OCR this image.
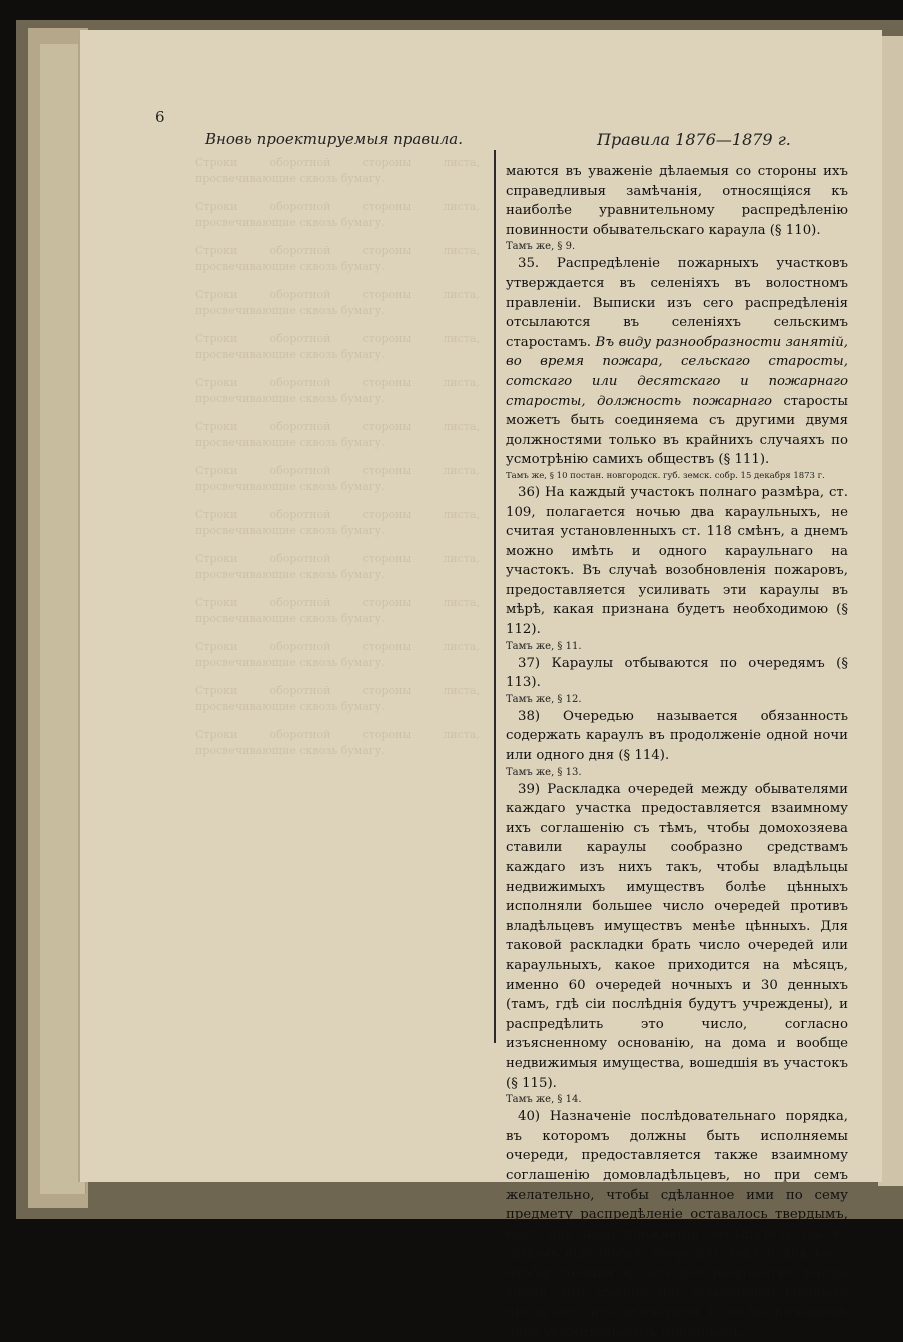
6
Вновь проектируемыя правила.	Правила 1876—1879 г.

Строки оборотной стороны листа, просвечивающие сквозь бумагу.

Строки оборотной стороны листа, просвечивающие сквозь бумагу.

Строки оборотной стороны листа, просвечивающие сквозь бумагу.

Строки оборотной стороны листа, просвечивающие сквозь бумагу.

Строки оборотной стороны листа, просвечивающие сквозь бумагу.

Строки оборотной стороны листа, просвечивающие сквозь бумагу.

Строки оборотной стороны листа, просвечивающие сквозь бумагу.

Строки оборотной стороны листа, просвечивающие сквозь бумагу.

Строки оборотной стороны листа, просвечивающие сквозь бумагу.

Строки оборотной стороны листа, просвечивающие сквозь бумагу.

Строки оборотной стороны листа, просвечивающие сквозь бумагу.

Строки оборотной стороны листа, просвечивающие сквозь бумагу.

Строки оборотной стороны листа, просвечивающие сквозь бумагу.

Строки оборотной стороны листа, просвечивающие сквозь бумагу.

маются въ уваженіе дѣлаемыя со стороны ихъ справедливыя замѣчанія, относящіяся къ наиболѣе уравнительному распредѣленію повинности обывательскаго караула (§ 110).

Тамъ же, § 9.

35. Распредѣленіе пожарныхъ участковъ утверждается въ селеніяхъ въ волостномъ правленіи. Выписки изъ сего распредѣленія отсылаются въ селеніяхъ сельскимъ старостамъ. Въ виду разнообразности занятій, во время пожара, сельскаго старосты, сотскаго или десятскаго и пожарнаго старосты, должность пожарнаго старосты можетъ быть соединяема съ другими двумя должностями только въ крайнихъ случаяхъ по усмотрѣнію самихъ обществъ (§ 111).

Тамъ же, § 10 постан. новгородск. губ. земск. собр. 15 декабря 1873 г.

36) На каждый участокъ полнаго размѣра, ст. 109, полагается ночью два караульныхъ, не считая установленныхъ ст. 118 смѣнъ, а днемъ можно имѣть и одного караульнаго на участокъ. Въ случаѣ возобновленія пожаровъ, предоставляется усиливать эти караулы въ мѣрѣ, какая признана будетъ необходимою (§ 112).

Тамъ же, § 11.

37) Караулы отбываются по очередямъ (§ 113).

Тамъ же, § 12.

38) Очередью называется обязанность содержать караулъ въ продолженіе одной ночи или одного дня (§ 114).

Тамъ же, § 13.

39) Раскладка очередей между обывателями каждаго участка предоставляется взаимному ихъ соглашенію съ тѣмъ, чтобы домохозяева ставили караулы сообразно средствамъ каждаго изъ нихъ такъ, чтобы владѣльцы недвижимыхъ имуществъ болѣе цѣнныхъ исполняли большее число очередей противъ владѣльцевъ имуществъ менѣе цѣнныхъ. Для таковой раскладки брать число очередей или караульныхъ, какое приходится на мѣсяцъ, именно 60 очередей ночныхъ и 30 денныхъ (тамъ, гдѣ сіи послѣднія будутъ учреждены), и распредѣлить это число, согласно изъясненному основанію, на дома и вообще недвижимыя имущества, вошедшія въ участокъ (§ 115).

Тамъ же, § 14.

40) Назначеніе послѣдовательнаго порядка, въ которомъ должны быть исполняемы очереди, предоставляется также взаимному соглашенію домовладѣльцевъ, но при семъ желательно, чтобы сдѣланное ими по сему предмету распредѣленіе оставалось твердымъ, какъ для предупрежденія замѣшательства въ самомъ исполненіи очередей, такъ и для того, чтобы полиція и сельское начальство всегда знали, кто именно изъ обывателей котораго числа состоитъ на очереди. Если бы, по какимъ либо уважительнымъ причинамъ,
